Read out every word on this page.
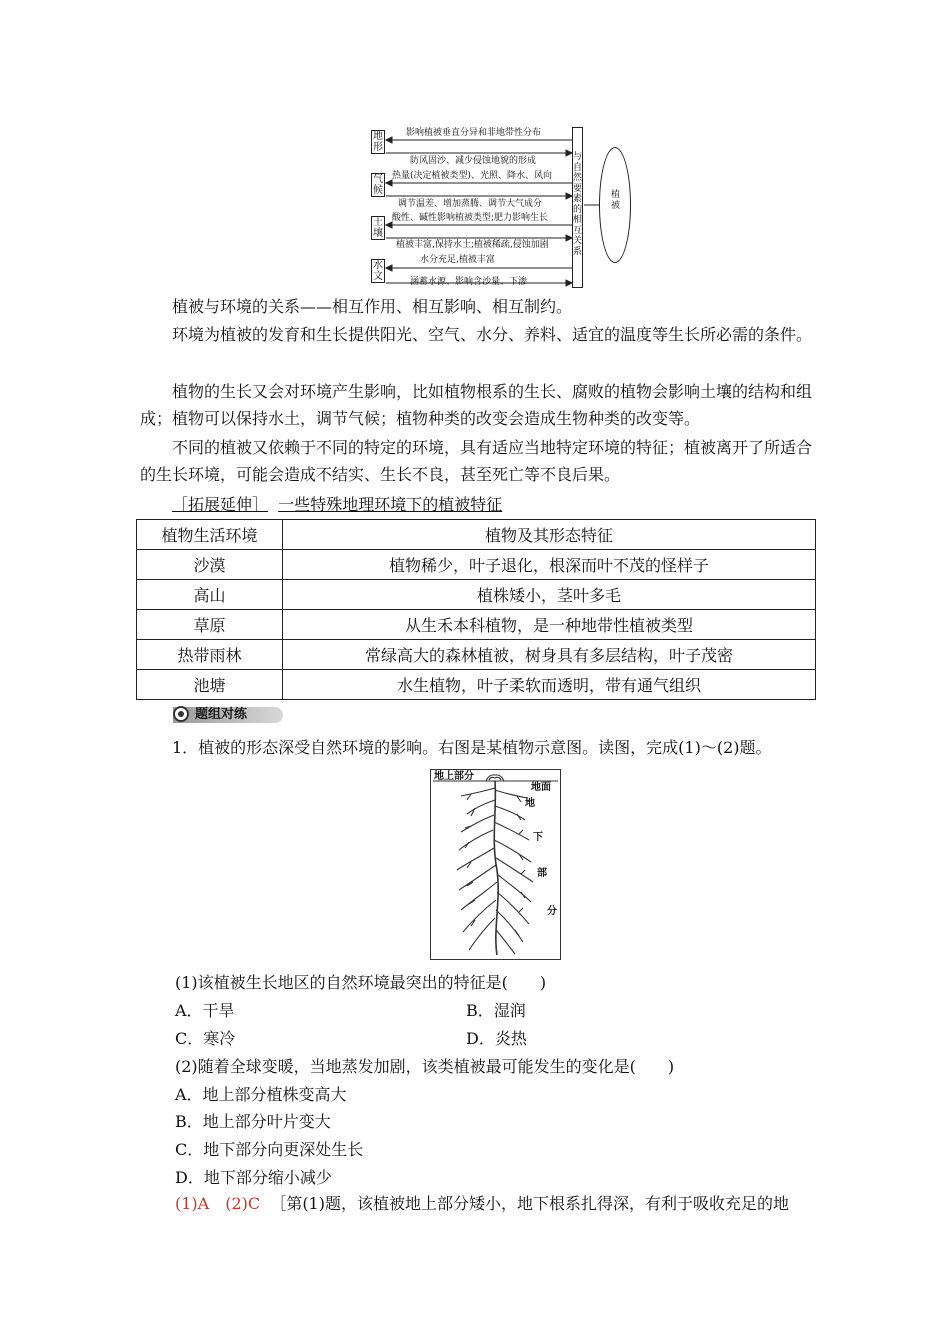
地形
气候
土壤
水文
影响植被垂直分异和非地带性分布
防风固沙、减少侵蚀地貌的形成
热量(决定植被类型)、光照、降水、风向
调节温差、增加蒸腾、调节大气成分
酸性、碱性影响植被类型;肥力影响生长
植被丰富,保持水土;植被稀疏,侵蚀加剧
水分充足,植被丰富
涵蓄水源、影响含沙量、下渗
与自然要素的相互关系
植被

植被与环境的关系——相互作用、相互影响、相互制约。

环境为植被的发育和生长提供阳光、空气、水分、养料、适宜的温度等生长所必需的条件。

植物的生长又会对环境产生影响，比如植物根系的生长、腐败的植物会影响土壤的结构和组成；植物可以保持水土，调节气候；植物种类的改变会造成生物种类的改变等。

不同的植被又依赖于不同的特定的环境，具有适应当地特定环境的特征；植被离开了所适合的生长环境，可能会造成不结实、生长不良，甚至死亡等不良后果。

［拓展延伸］ 一些特殊地理环境下的植被特征
植物生活环境	植物及其形态特征
沙漠	植物稀少，叶子退化，根深而叶不茂的怪样子
高山	植株矮小，茎叶多毛
草原	从生禾本科植物，是一种地带性植被类型
热带雨林	常绿高大的森林植被，树身具有多层结构，叶子茂密
池塘	水生植物，叶子柔软而透明，带有通气组织
题组对练

1．植被的形态深受自然环境的影响。右图是某植物示意图。读图，完成(1)～(2)题。

地上部分
地面
地
下
部
分

(1)该植被生长地区的自然环境最突出的特征是(　　)

A．干旱	B．湿润

C．寒冷	D．炎热

(2)随着全球变暖，当地蒸发加剧，该类植被最可能发生的变化是(　　)

A．地上部分植株变高大

B．地上部分叶片变大

C．地下部分向更深处生长

D．地下部分缩小减少

(1)A　(2)C ［第(1)题，该植被地上部分矮小，地下根系扎得深，有利于吸收充足的地
